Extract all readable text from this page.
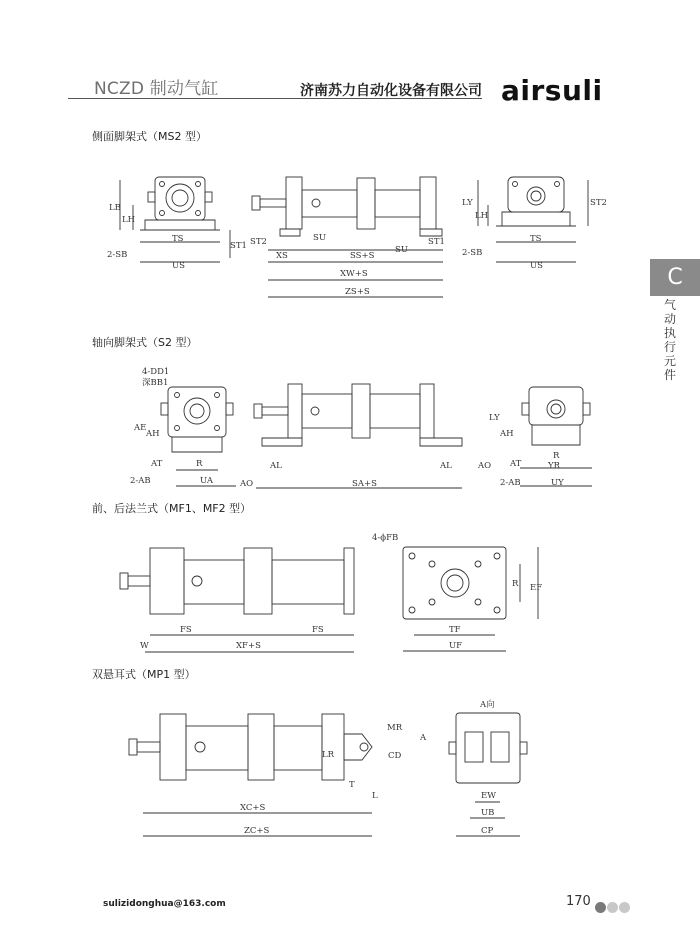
NCZD 制动气缸	济南苏力自动化设备有限公司 airsuli
C
气动执行元件
侧面脚架式（MS2 型）
轴向脚架式（S2 型）
前、后法兰式（MF1、MF2 型）
双悬耳式（MP1 型）
LB
LH
TS
US
2-SB
ST1 ST2
XS
SU
SS+S
SU
ST1
XW+S
ZS+S
LY
LH
ST2
TS
US
2-SB
4-DD1
深BB1
AE
AH
AT	R
2-AB	UA
AL
AO	SA+S
AL	AO
LY
AH
AT
R
YR
UY
2-AB
4-ϕFB
FS	FS
XF+S
W
R EF
TF
UF
MR
LR	CD
A
T
L
XC+S
ZC+S
A向
EW
UB
CP
sulizidonghua@163.com	170
